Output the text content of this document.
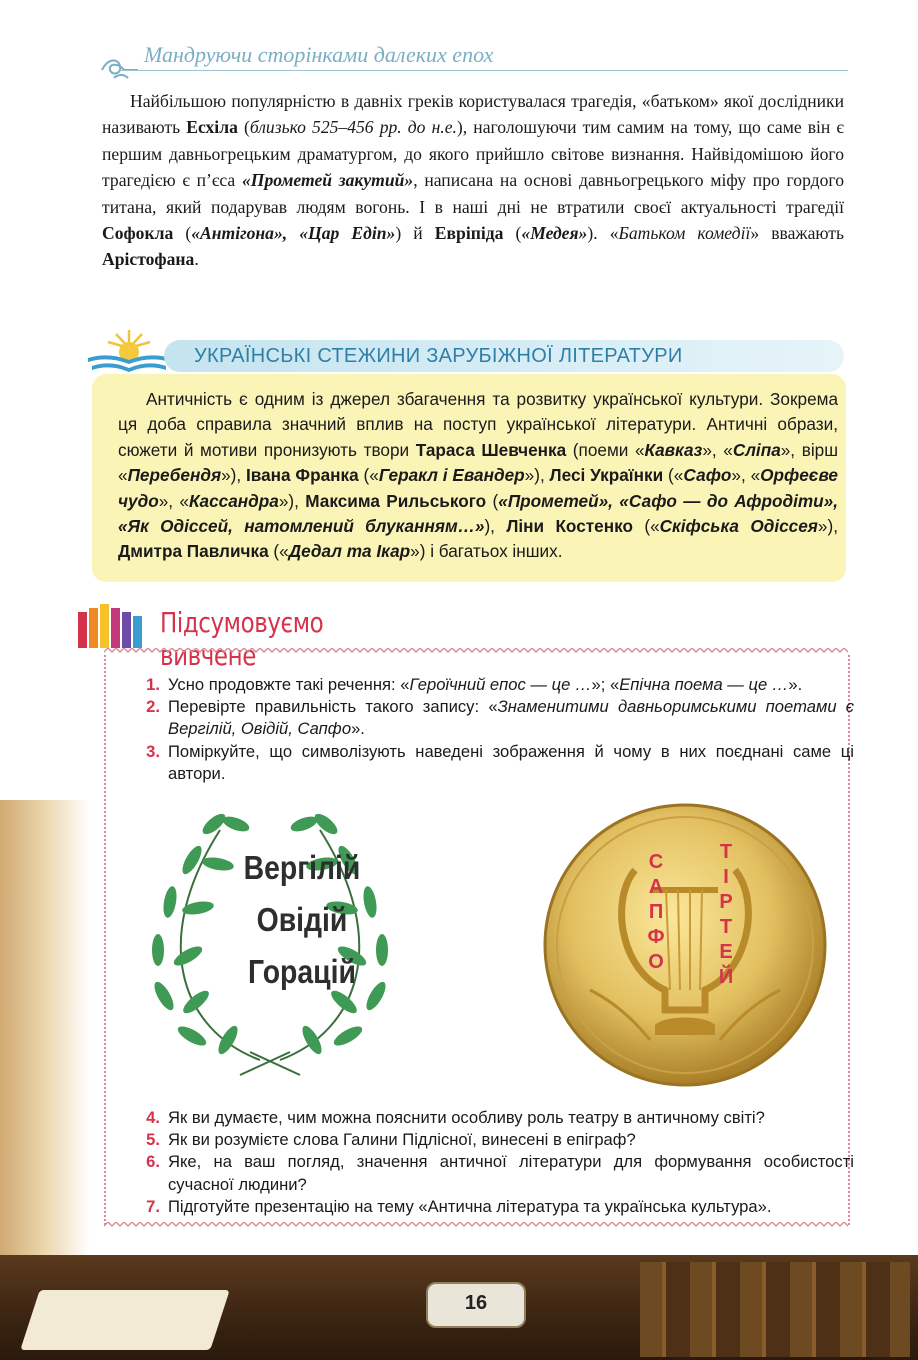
Мандруючи сторінками далеких епох

Найбільшою популярністю в давніх греків користувалася трагедія, «батьком» якої дослідники називають Есхіла (близько 525–456 рр. до н.е.), наголошуючи тим самим на тому, що саме він є першим давньогрецьким драматургом, до якого прийшло світове визнання. Найвідомішою його трагедією є п’єса «Прометей закутий», написана на основі давньогрецького міфу про гордого титана, який подарував людям вогонь. І в наші дні не втратили своєї актуальності трагедії Софокла («Антігона», «Цар Едіп») й Евріпіда («Медея»). «Батьком комедії» вважають Арістофана.

УКРАЇНСЬКІ СТЕЖИНИ ЗАРУБІЖНОЇ ЛІТЕРАТУРИ

Античність є одним із джерел збагачення та розвитку української культури. Зокрема ця доба справила значний вплив на поступ української літератури. Античні образи, сюжети й мотиви пронизують твори Тараса Шевченка (поеми «Кавказ», «Сліпа», вірш «Перебендя»), Івана Франка («Геракл і Евандер»), Лесі Українки («Сафо», «Орфеєве чудо», «Кассандра»), Максима Рильського («Прометей», «Сафо — до Афродіти», «Як Одіссей, натомлений блуканням…»), Ліни Костенко («Скіфська Одіссея»), Дмитра Павличка («Дедал та Ікар») і багатьох інших.

Підсумовуємо вивчене
1. Усно продовжте такі речення: «Героїчний епос — це …»; «Епічна поема — це …».
2. Перевірте правильність такого запису: «Знаменитими давньоримськими поетами є Вергілій, Овідій, Сапфо».
3. Поміркуйте, що символізують наведені зображення й чому в них поєднані саме ці автори.
Вергілій
Овідій
Горацій
С
А
П
Ф
О
Т
І
Р
Т
Е
Й
4. Як ви думаєте, чим можна пояснити особливу роль театру в античному світі?
5. Як ви розумієте слова Галини Підлісної, винесені в епіграф?
6. Яке, на ваш погляд, значення античної літератури для формування особистості сучасної людини?
7. Підготуйте презентацію на тему «Антична література та українська культура».
16
